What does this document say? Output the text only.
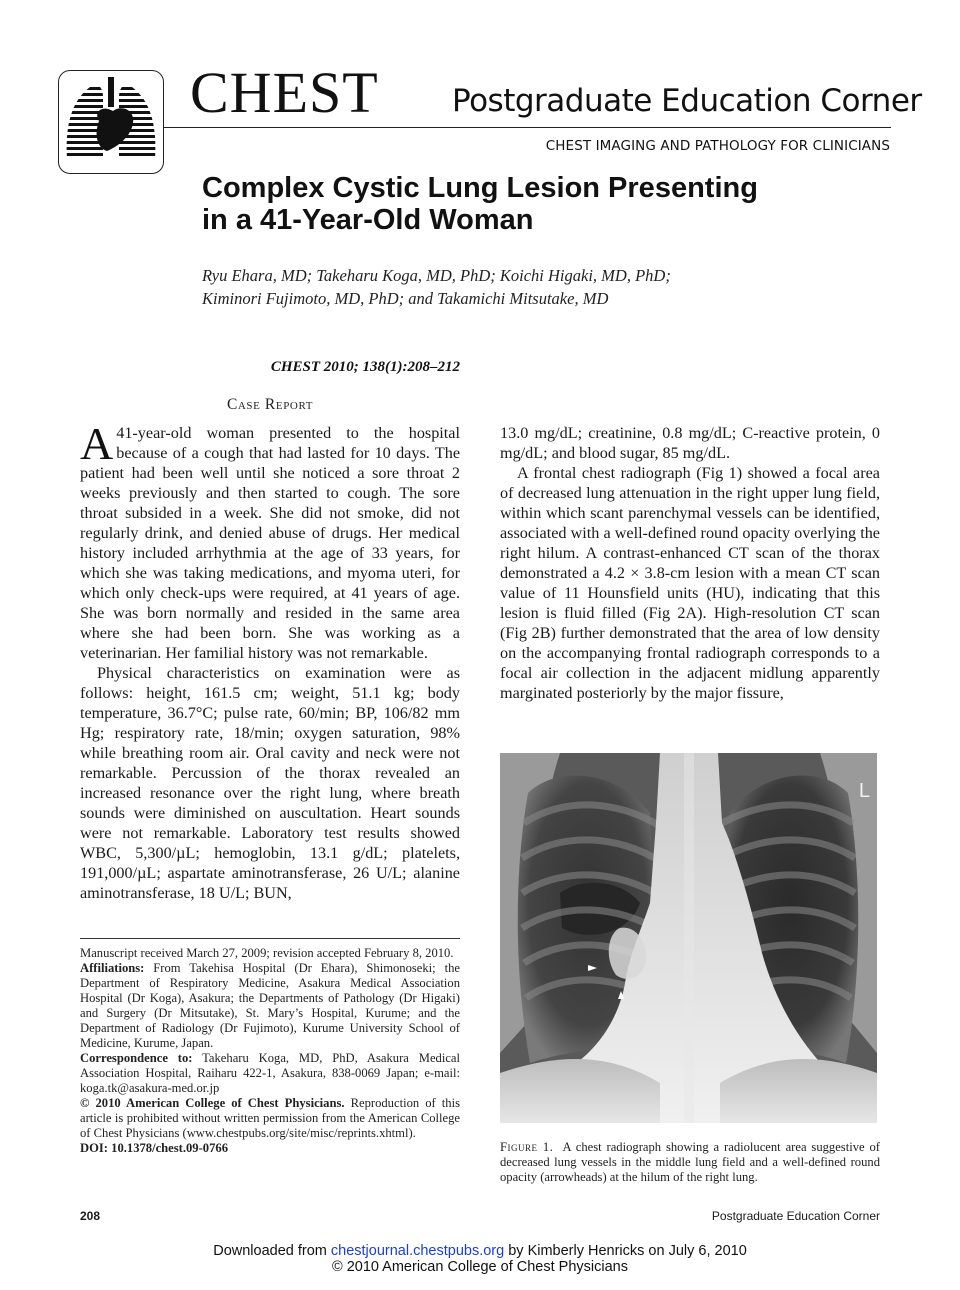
CHEST Postgraduate Education Corner
CHEST IMAGING AND PATHOLOGY FOR CLINICIANS
Complex Cystic Lung Lesion Presenting
in a 41-Year-Old Woman
Ryu Ehara, MD; Takeharu Koga, MD, PhD; Koichi Higaki, MD, PhD;
Kiminori Fujimoto, MD, PhD; and Takamichi Mitsutake, MD
CHEST 2010; 138(1):208–212
Case Report

A 41-year-old woman presented to the hospital because of a cough that had lasted for 10 days. The patient had been well until she noticed a sore throat 2 weeks previously and then started to cough. The sore throat subsided in a week. She did not smoke, did not regularly drink, and denied abuse of drugs. Her medical history included arrhythmia at the age of 33 years, for which she was taking medications, and myoma uteri, for which only check-ups were required, at 41 years of age. She was born normally and resided in the same area where she had been born. She was working as a veterinarian. Her familial history was not remarkable.

Physical characteristics on examination were as follows: height, 161.5 cm; weight, 51.1 kg; body temperature, 36.7°C; pulse rate, 60/min; BP, 106/82 mm Hg; respiratory rate, 18/min; oxygen saturation, 98% while breathing room air. Oral cavity and neck were not remarkable. Percussion of the thorax revealed an increased resonance over the right lung, where breath sounds were diminished on auscultation. Heart sounds were not remarkable. Laboratory test results showed WBC, 5,300/µL; hemoglobin, 13.1 g/dL; platelets, 191,000/µL; aspartate aminotransferase, 26 U/L; alanine aminotransferase, 18 U/L; BUN,

Manuscript received March 27, 2009; revision accepted February 8, 2010.

Affiliations: From Takehisa Hospital (Dr Ehara), Shimonoseki; the Department of Respiratory Medicine, Asakura Medical Association Hospital (Dr Koga), Asakura; the Departments of Pathology (Dr Higaki) and Surgery (Dr Mitsutake), St. Mary’s Hospital, Kurume; and the Department of Radiology (Dr Fujimoto), Kurume University School of Medicine, Kurume, Japan.

Correspondence to: Takeharu Koga, MD, PhD, Asakura Medical Association Hospital, Raiharu 422-1, Asakura, 838-0069 Japan; e-mail: koga.tk@asakura-med.or.jp

© 2010 American College of Chest Physicians. Reproduction of this article is prohibited without written permission from the American College of Chest Physicians (www.chestpubs.org/site/misc/reprints.xhtml).

DOI: 10.1378/chest.09-0766

13.0 mg/dL; creatinine, 0.8 mg/dL; C-reactive protein, 0 mg/dL; and blood sugar, 85 mg/dL.

A frontal chest radiograph (Fig 1) showed a focal area of decreased lung attenuation in the right upper lung field, within which scant parenchymal vessels can be identified, associated with a well-defined round opacity overlying the right hilum. A contrast-enhanced CT scan of the thorax demonstrated a 4.2 × 3.8-cm lesion with a mean CT scan value of 11 Hounsfield units (HU), indicating that this lesion is fluid filled (Fig 2A). High-resolution CT scan (Fig 2B) further demonstrated that the area of low density on the accompanying frontal radiograph corresponds to a focal air collection in the adjacent midlung apparently marginated posteriorly by the major fissure,

L
Figure 1. A chest radiograph showing a radiolucent area suggestive of decreased lung vessels in the middle lung field and a well-defined round opacity (arrowheads) at the hilum of the right lung.
208	Postgraduate Education Corner
Downloaded from chestjournal.chestpubs.org by Kimberly Henricks on July 6, 2010
© 2010 American College of Chest Physicians
